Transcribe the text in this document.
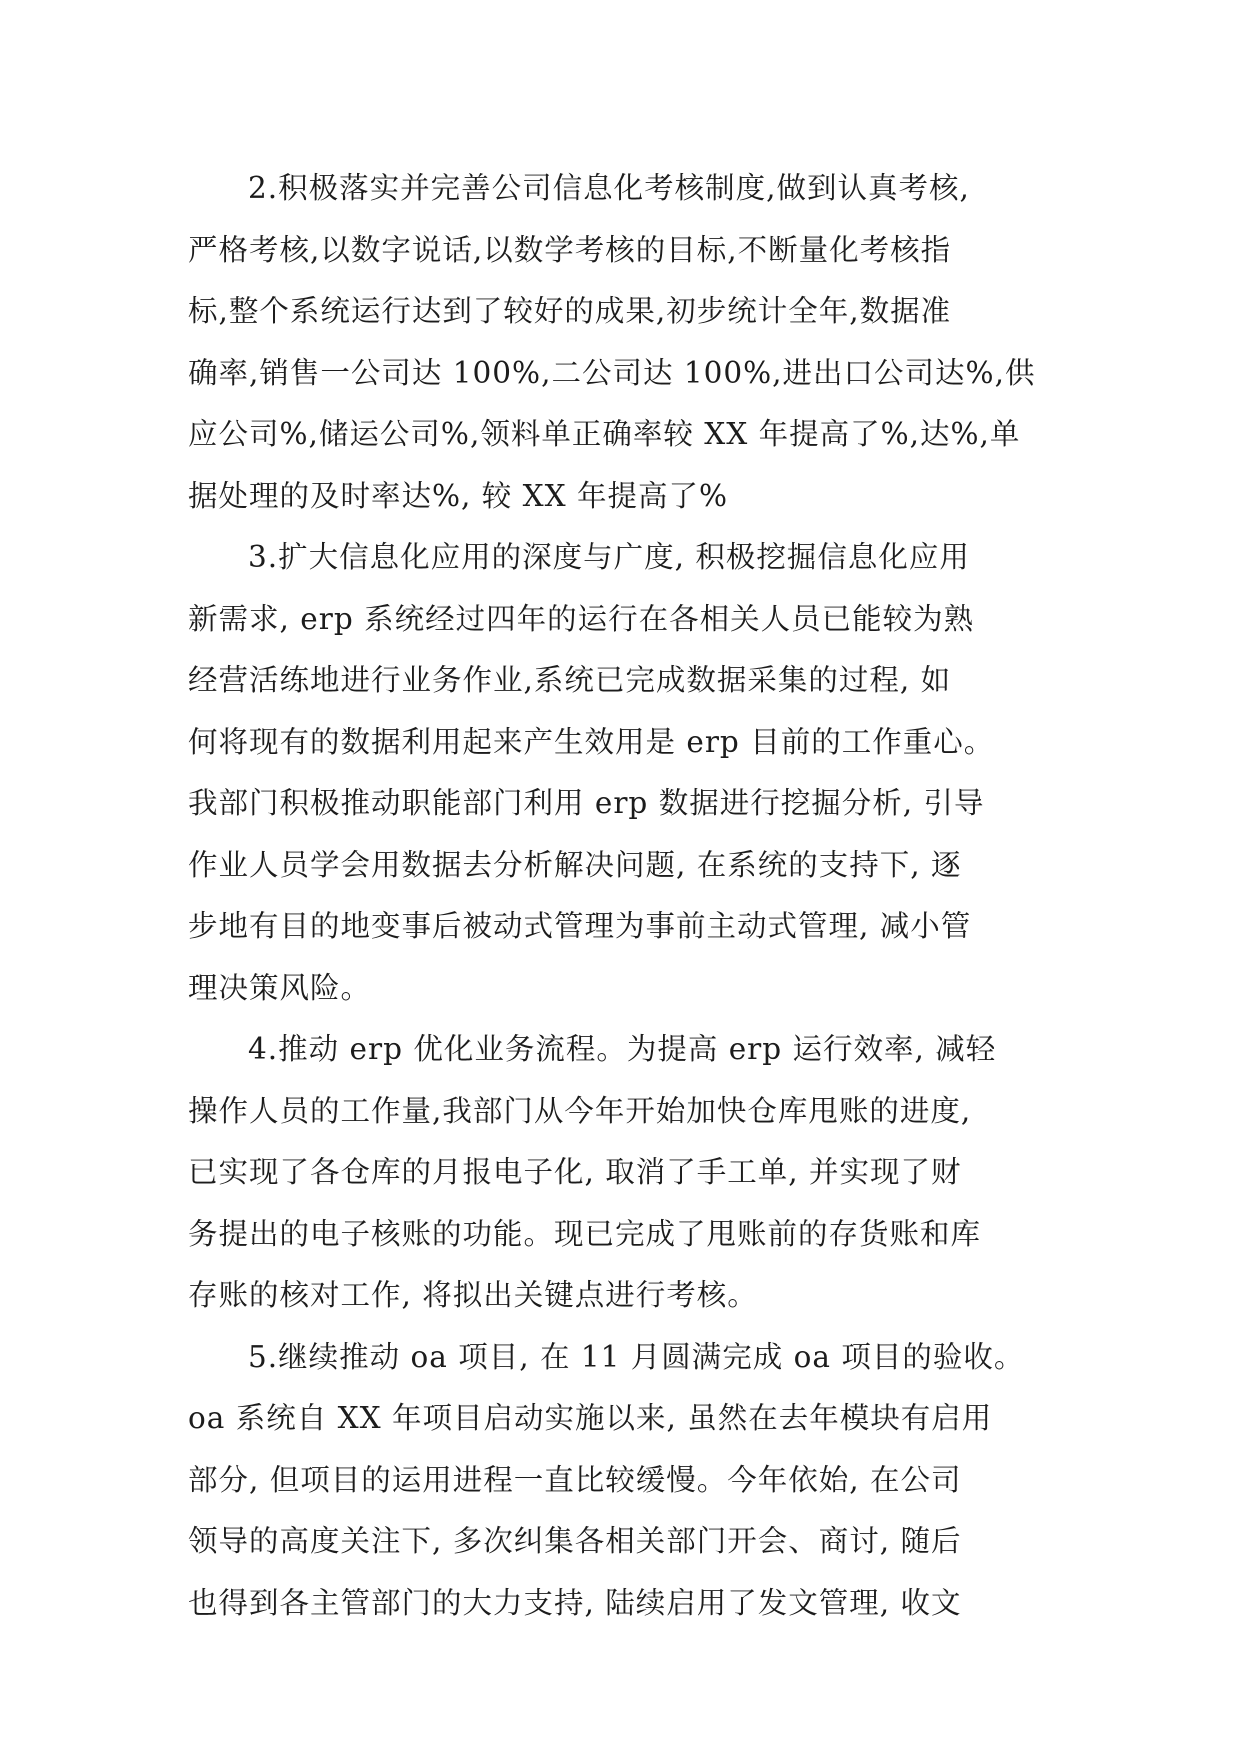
2.积极落实并完善公司信息化考核制度,做到认真考核,
严格考核,以数字说话,以数学考核的目标,不断量化考核指
标,整个系统运行达到了较好的成果,初步统计全年,数据准
确率,销售一公司达 100%,二公司达 100%,进出口公司达%,供
应公司%,储运公司%,领料单正确率较 XX 年提高了%,达%,单
据处理的及时率达%, 较 XX 年提高了%
3.扩大信息化应用的深度与广度, 积极挖掘信息化应用
新需求, erp 系统经过四年的运行在各相关人员已能较为熟
经营活练地进行业务作业,系统已完成数据采集的过程, 如
何将现有的数据利用起来产生效用是 erp 目前的工作重心。
我部门积极推动职能部门利用 erp 数据进行挖掘分析, 引导
作业人员学会用数据去分析解决问题, 在系统的支持下, 逐
步地有目的地变事后被动式管理为事前主动式管理, 减小管
理决策风险。
4.推动 erp 优化业务流程。为提高 erp 运行效率, 减轻
操作人员的工作量,我部门从今年开始加快仓库甩账的进度,
已实现了各仓库的月报电子化, 取消了手工单, 并实现了财
务提出的电子核账的功能。现已完成了甩账前的存货账和库
存账的核对工作, 将拟出关键点进行考核。
5.继续推动 oa 项目, 在 11 月圆满完成 oa 项目的验收。
oa 系统自 XX 年项目启动实施以来, 虽然在去年模块有启用
部分, 但项目的运用进程一直比较缓慢。今年依始, 在公司
领导的高度关注下, 多次纠集各相关部门开会、商讨, 随后
也得到各主管部门的大力支持, 陆续启用了发文管理, 收文
